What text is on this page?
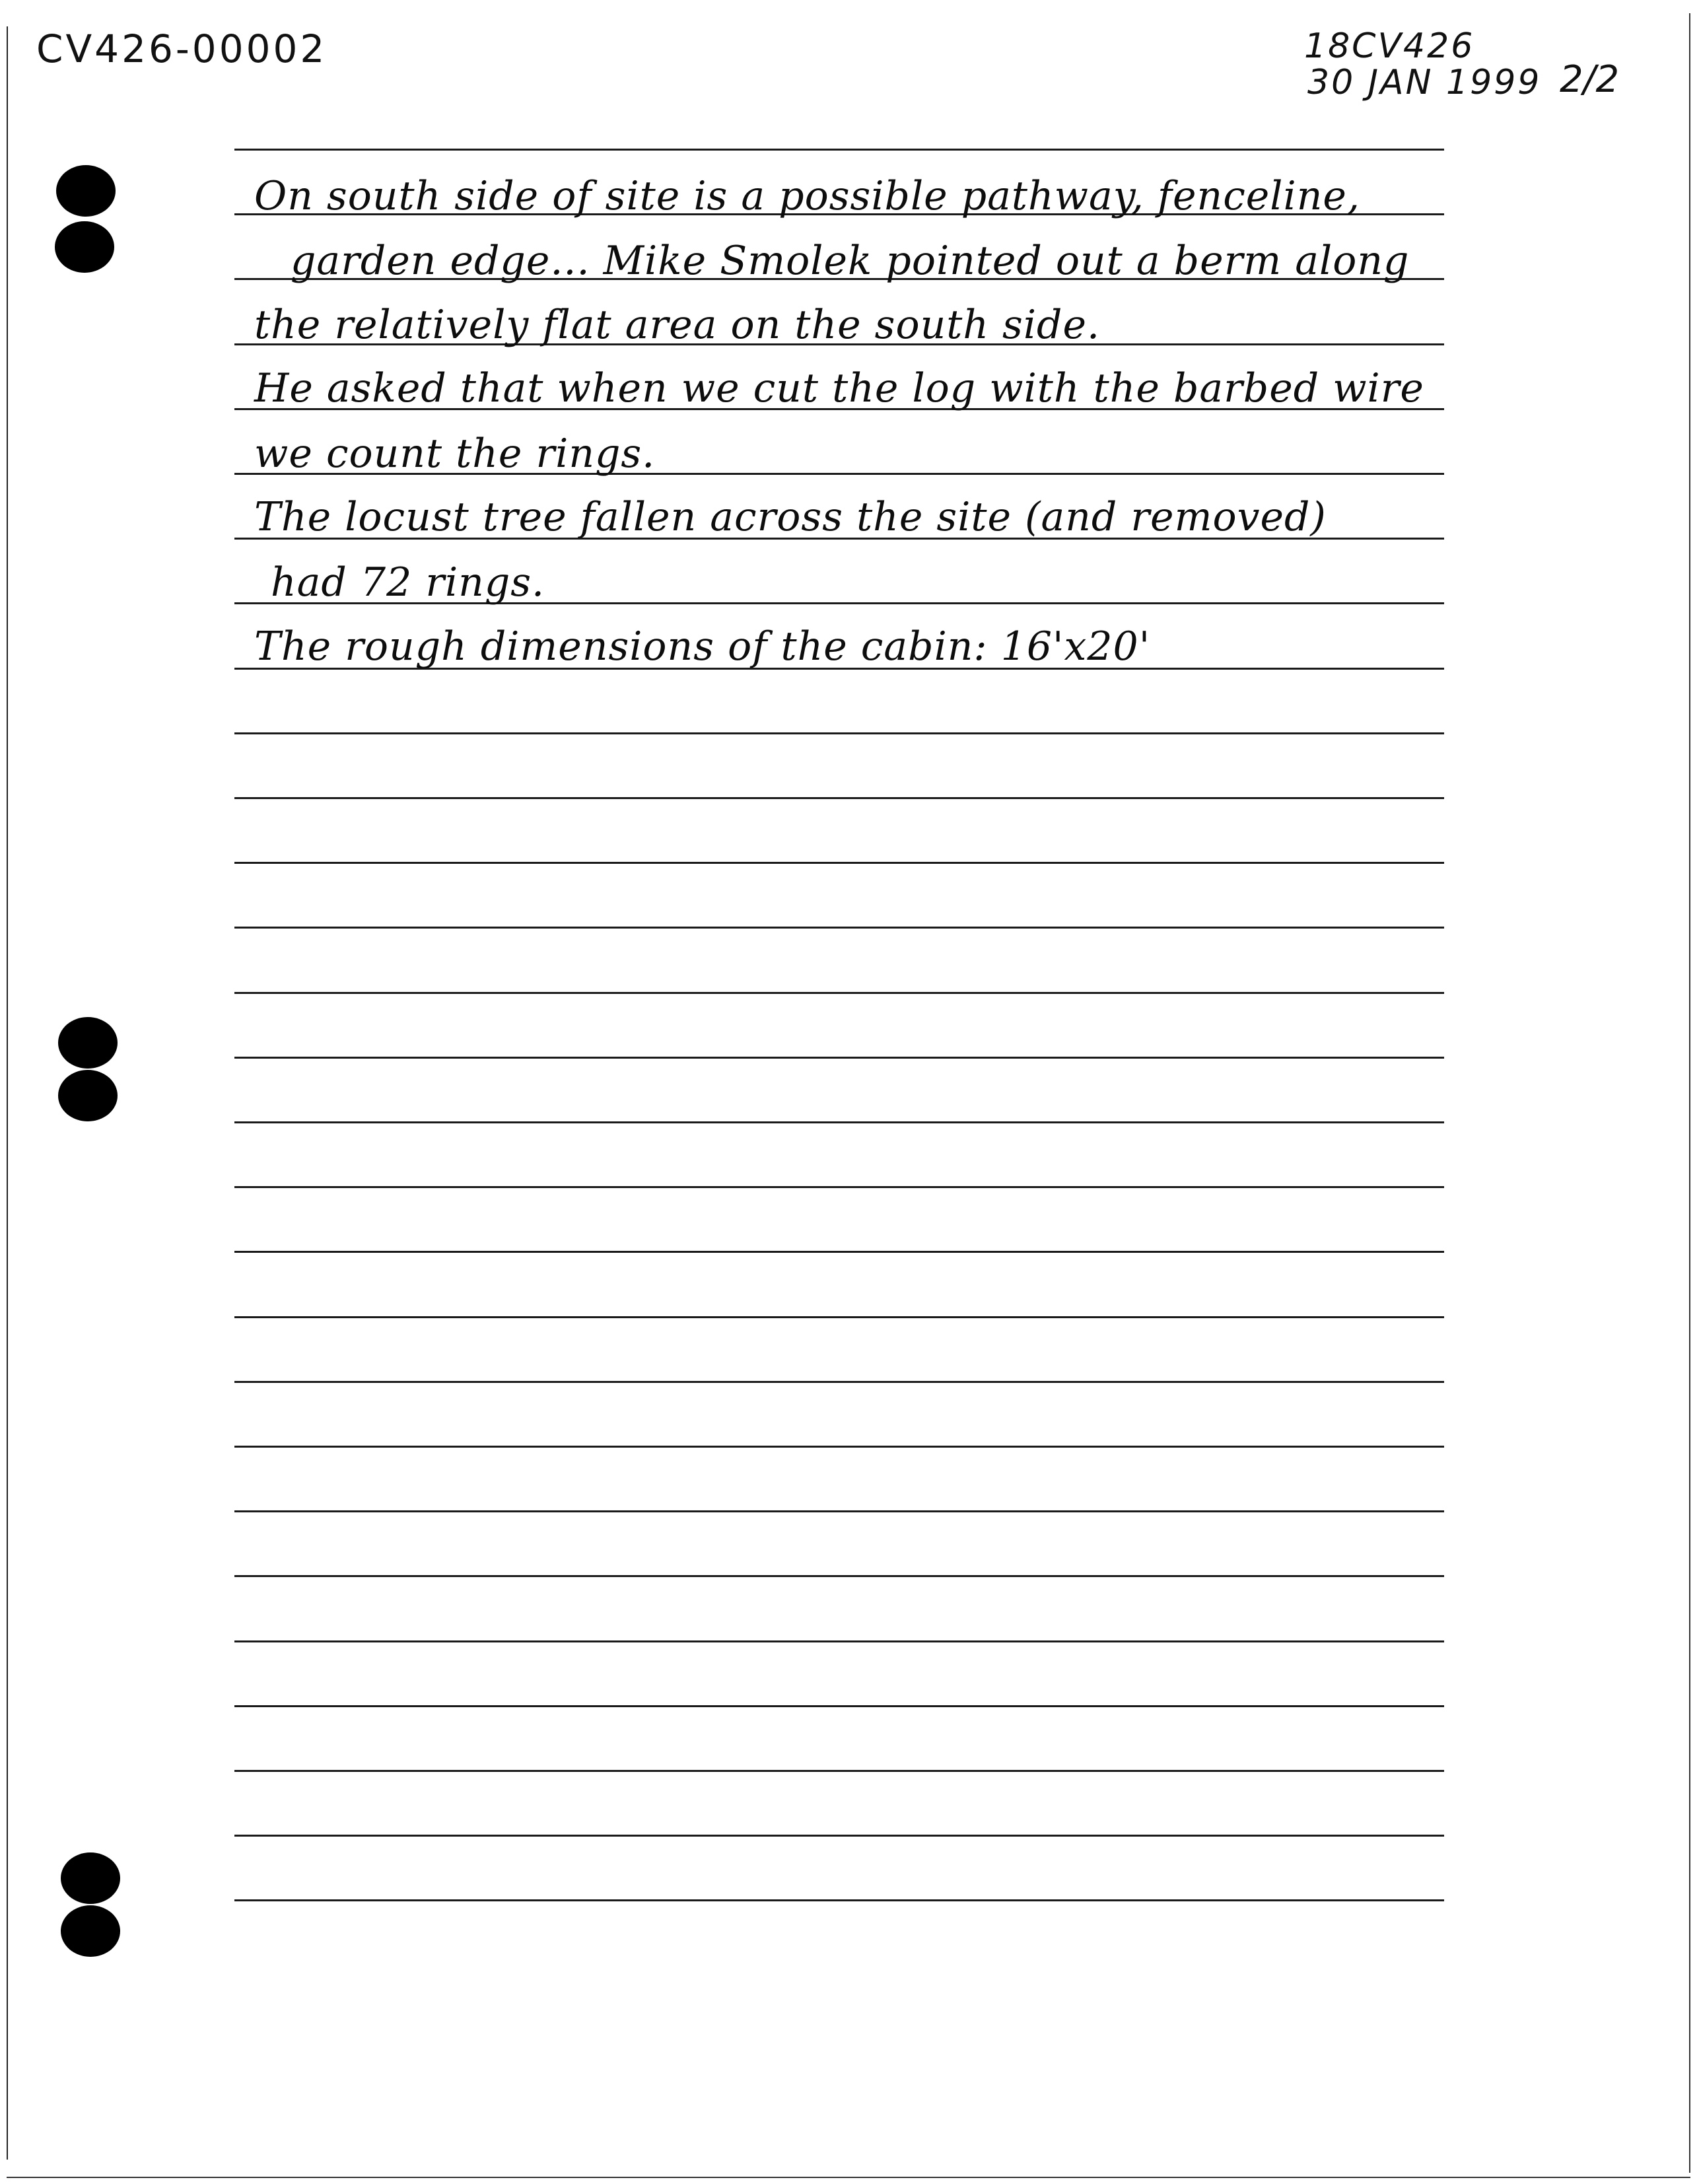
CV426-00002	18CV426
30 JAN 1999 2/2
On south side of site is a possible pathway, fenceline,
garden edge... Mike Smolek pointed out a berm along
the relatively flat area on the south side.
He asked that when we cut the log with the barbed wire
we count the rings.
The locust tree fallen across the site (and removed)
had 72 rings.
The rough dimensions of the cabin: 16'x20'
